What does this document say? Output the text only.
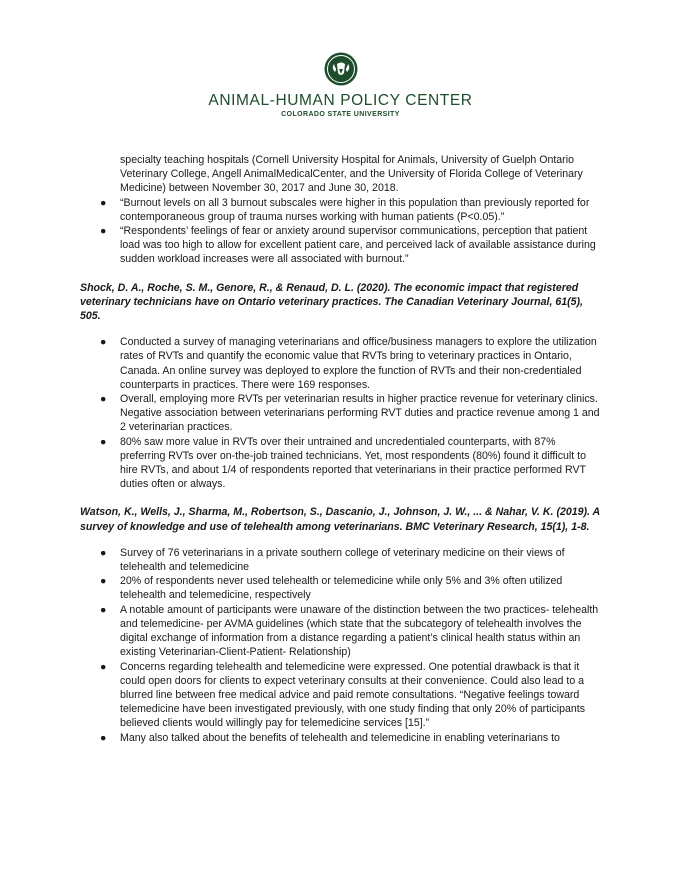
ANIMAL-HUMAN POLICY CENTER
COLORADO STATE UNIVERSITY

specialty teaching hospitals (Cornell University Hospital for Animals, University of Guelph Ontario Veterinary College, Angell AnimalMedicalCenter, and the University of Florida College of Veterinary Medicine) between November 30, 2017 and June 30, 2018.

● “Burnout levels on all 3 burnout subscales were higher in this population than previously reported for contemporaneous group of trauma nurses working with human patients (P<0.05).”
● “Respondents’ feelings of fear or anxiety around supervisor communications, perception that patient load was too high to allow for excellent patient care, and perceived lack of available assistance during sudden workload increases were all associated with burnout.”

Shock, D. A., Roche, S. M., Genore, R., & Renaud, D. L. (2020). The economic impact that registered veterinary technicians have on Ontario veterinary practices. The Canadian Veterinary Journal, 61(5), 505.

● Conducted a survey of managing veterinarians and office/business managers to explore the utilization rates of RVTs and quantify the economic value that RVTs bring to veterinary practices in Ontario, Canada. An online survey was deployed to explore the function of RVTs and their non-credentialed counterparts in practices. There were 169 responses.
● Overall, employing more RVTs per veterinarian results in higher practice revenue for veterinary clinics. Negative association between veterinarians performing RVT duties and practice revenue among 1 and 2 veterinarian practices.
● 80% saw more value in RVTs over their untrained and uncredentialed counterparts, with 87% preferring RVTs over on-the-job trained technicians. Yet, most respondents (80%) found it difficult to hire RVTs, and about 1/4 of respondents reported that veterinarians in their practice performed RVT duties often or always.

Watson, K., Wells, J., Sharma, M., Robertson, S., Dascanio, J., Johnson, J. W., ... & Nahar, V. K. (2019). A survey of knowledge and use of telehealth among veterinarians. BMC Veterinary Research, 15(1), 1-8.

● Survey of 76 veterinarians in a private southern college of veterinary medicine on their views of telehealth and telemedicine
● 20% of respondents never used telehealth or telemedicine while only 5% and 3% often utilized telehealth and telemedicine, respectively
● A notable amount of participants were unaware of the distinction between the two practices- telehealth and telemedicine- per AVMA guidelines (which state that the subcategory of telehealth involves the digital exchange of information from a distance regarding a patient’s clinical health status within an existing Veterinarian-Client-Patient- Relationship)
● Concerns regarding telehealth and telemedicine were expressed. One potential drawback is that it could open doors for clients to expect veterinary consults at their convenience. Could also lead to a blurred line between free medical advice and paid remote consultations. “Negative feelings toward telemedicine have been investigated previously, with one study finding that only 20% of participants believed clients would willingly pay for telemedicine services [15].”
● Many also talked about the benefits of telehealth and telemedicine in enabling veterinarians to
